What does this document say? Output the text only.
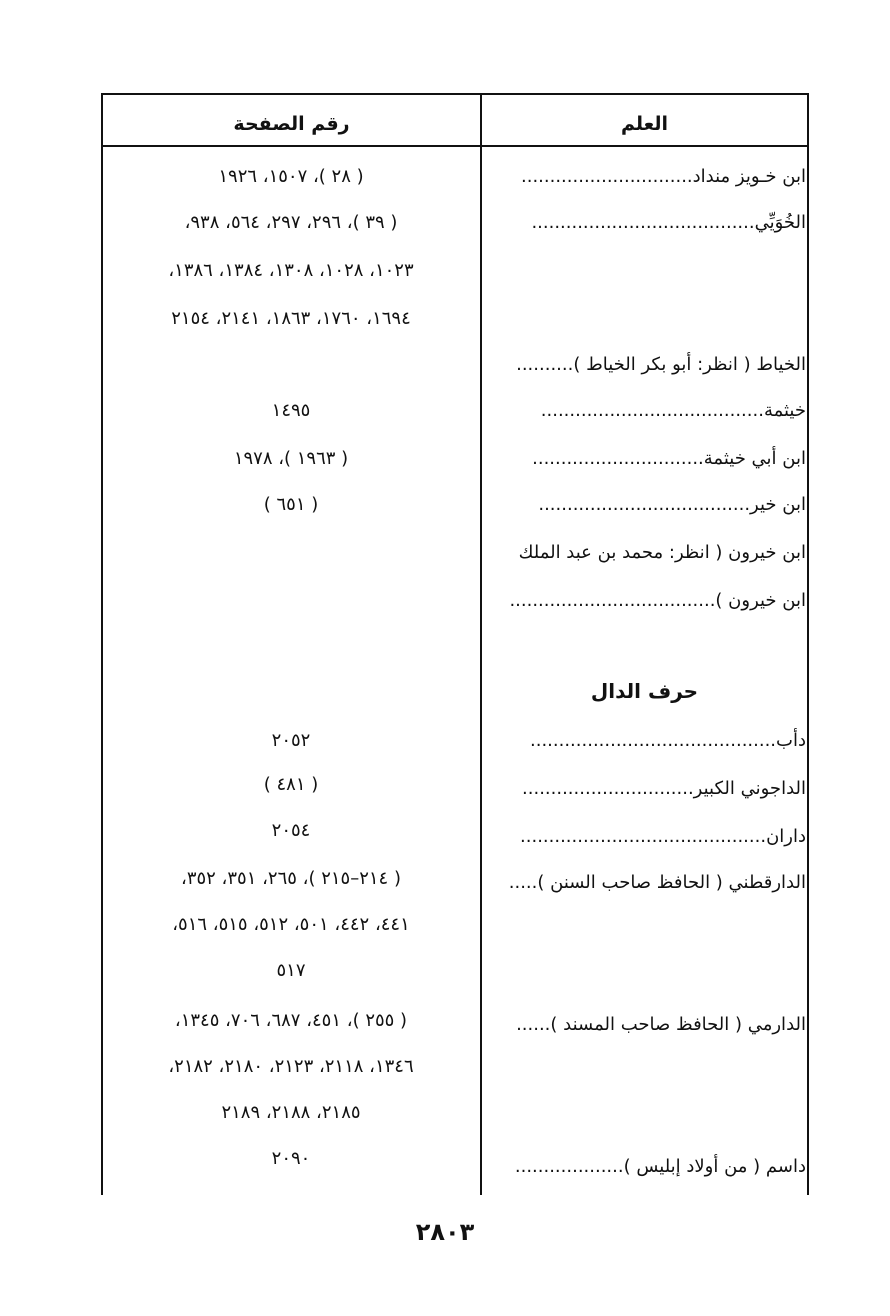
العلم
رقم الصفحة
ابن خـويز منداد..............................
( ٢٨ )، ١٥٠٧، ١٩٢٦
الخُوَيِّي.......................................
( ٣٩ )، ٢٩٦، ٢٩٧، ٥٦٤، ٩٣٨،
١٠٢٣، ١٠٢٨، ١٣٠٨، ١٣٨٤، ١٣٨٦،
١٦٩٤، ١٧٦٠، ١٨٦٣، ٢١٤١، ٢١٥٤
الخياط ( انظر: أبو بكر الخياط )..........
خيثمة.......................................
١٤٩٥
ابن أبي خيثمة..............................
( ١٩٦٣ )، ١٩٧٨
ابن خير.....................................
( ٦٥١ )
ابن خيرون ( انظر: محمد بن عبد الملك
ابن خيرون )....................................
حرف الدال
دأب...........................................
٢٠٥٢
الداجوني الكبير..............................
( ٤٨١ )
داران...........................................
٢٠٥٤
الدارقطني ( الحافظ صاحب السنن ).....
( ٢١٤–٢١٥ )، ٢٦٥، ٣٥١، ٣٥٢،
٤٤١، ٤٤٢، ٥٠١، ٥١٢، ٥١٥، ٥١٦،
٥١٧
الدارمي ( الحافظ صاحب المسند )......
( ٢٥٥ )، ٤٥١، ٦٨٧، ٧٠٦، ١٣٤٥،
١٣٤٦، ٢١١٨، ٢١٢٣، ٢١٨٠، ٢١٨٢،
٢١٨٥، ٢١٨٨، ٢١٨٩
٢٠٩٠	داسم ( من أولاد إبليس )...................
٢٨٠٣
